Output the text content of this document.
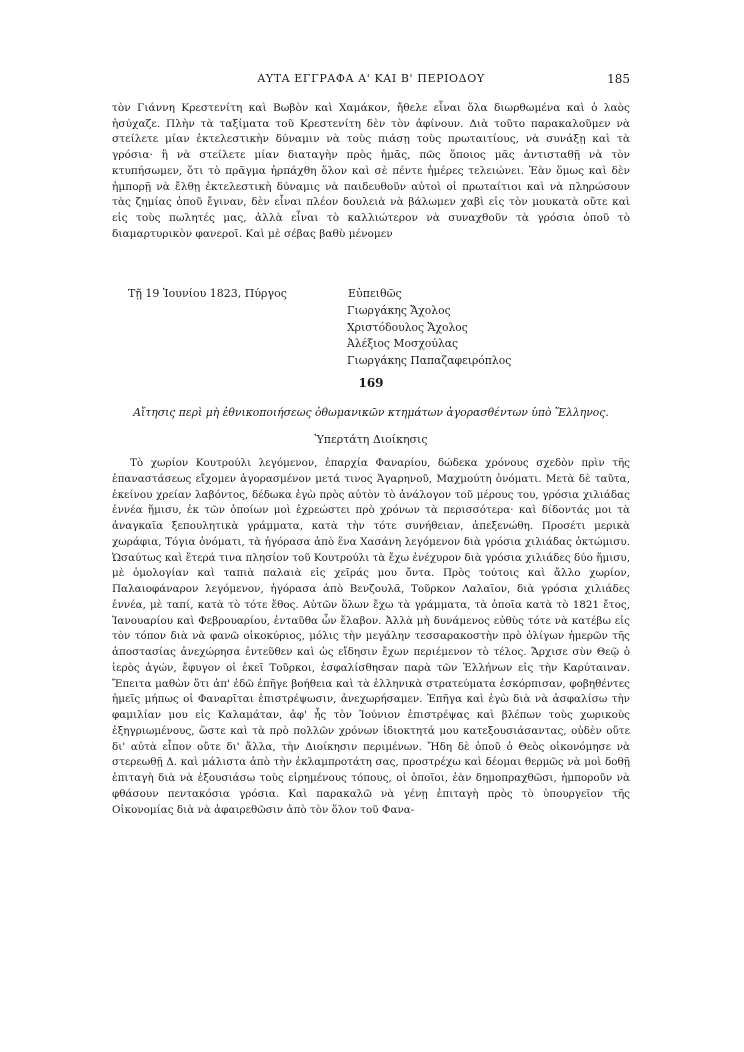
ΑΥΤΑ ΕΓΓΡΑΦΑ Α' ΚΑΙ Β' ΠΕΡΙΟΔΟΥ	185
τὸν Γιάννη Κρεστενίτη καὶ Βωβὸν καὶ Χαμάκον, ἤθελε εἶναι ὅλα διωρθωμένα καὶ ὁ λαὸς ἡσύχαζε. Πλὴν τὰ ταξίματα τοῦ Κρεστενίτη δὲν τὸν ἀφίνουν. Διὰ τοῦτο παρακαλοῦμεν νὰ στείλετε μίαν ἐκτελεστικὴν δύναμιν νὰ τοὺς πιάσῃ τοὺς πρωταιτίους, νὰ συνάξῃ καὶ τὰ γρόσια· ἢ νὰ στείλετε μίαν διαταγὴν πρὸς ἡμᾶς, πῶς ὅποιος μᾶς ἀντισταθῇ νὰ τὸν κτυπήσωμεν, ὅτι τὸ πρᾶγμα ἠρπάχθη ὅλον καὶ σὲ πέντε ἡμέρες τελειώνει. Ἐὰν ὅμως καὶ δὲν ἠμπορῇ νὰ ἔλθῃ ἐκτελεστικὴ δύναμις νὰ παιδευθοῦν αὐτοὶ οἱ πρωταίτιοι καὶ νὰ πληρώσουν τὰς ζημίας ὁποῦ ἔγιναν, δὲν εἶναι πλέον δουλειὰ νὰ βάλωμεν χαβὶ εἰς τὸν μουκατὰ οὔτε καὶ εἰς τοὺς πωλητές μας, ἀλλὰ εἶναι τὸ καλλιώτερον νὰ συναχθοῦν τὰ γρόσια ὁποῦ τὸ διαμαρτυρικὸν φανεροῖ. Καὶ μὲ σέβας βαθὺ μένομεν
Τῇ 19 Ἰουνίου 1823, Πύργος	Εὐπειθῶς
Γιωργάκης Ἄχολος
Χριστόδουλος Ἄχολος
Ἀλέξιος Μοσχούλας
Γιωργάκης Παπαζαφειρόπλος
169
Αἴτησις περὶ μὴ ἐθνικοποιήσεως ὀθωμανικῶν κτημάτων ἀγορασθέντων ὑπὸ Ἕλληνος.
Ὑπερτάτη Διοίκησις
Τὸ χωρίον Κουτρούλι λεγόμενον, ἐπαρχία Φαναρίου, δώδεκα χρόνους σχεδὸν πρὶν τῆς ἐπαναστάσεως εἴχομεν ἀγορασμένον μετά τινος Ἀγαρηνοῦ, Μαχμούτη ὀνόματι. Μετὰ δὲ ταῦτα, ἐκείνου χρείαν λαβόντος, δέδωκα ἐγὼ πρὸς αὐτὸν τὸ ἀνάλογον τοῦ μέρους του, γρόσια χιλιάδας ἐννέα ἥμισυ, ἐκ τῶν ὁποίων μοὶ ἐχρεώστει πρὸ χρόνων τὰ περισσότερα· καὶ δίδοντάς μοι τὰ ἀναγκαῖα ξεπουλητικὰ γράμματα, κατὰ τὴν τότε συνήθειαν, ἀπεξενώθη. Προσέτι μερικὰ χωράφια, Τόγια ὀνόματι, τὰ ἠγόρασα ἀπὸ ἕνα Χασάνη λεγόμενον διὰ γρόσια χιλιάδας ὀκτώμισυ. Ὡσαύτως καὶ ἕτερά τινα πλησίον τοῦ Κουτρούλι τὰ ἔχω ἐνέχυρον διὰ γρόσια χιλιάδες δύο ἥμισυ, μὲ ὁμολογίαν καὶ ταπιὰ παλαιὰ εἰς χεῖράς μου ὄντα. Πρὸς τούτοις καὶ ἄλλο χωρίον, Παλαιοφάναρον λεγόμενον, ἠγόρασα ἀπὸ Βενζουλᾶ, Τοῦρκον Λαλαῖον, διὰ γρόσια χιλιάδες ἐννέα, μὲ ταπί, κατὰ τὸ τότε ἔθος. Αὐτῶν ὅλων ἔχω τὰ γράμματα, τὰ ὁποῖα κατὰ τὸ 1821 ἔτος, Ἰανουαρίου καὶ Φεβρουαρίου, ἐνταῦθα ὦν ἔλαβον. Ἀλλὰ μὴ δυνάμενος εὐθὺς τότε νὰ κατέβω εἰς τὸν τόπον διὰ νὰ φανῶ οἰκοκύριος, μόλις τὴν μεγάλην τεσσαρακοστὴν πρὸ ὀλίγων ἡμερῶν τῆς ἀποστασίας ἀνεχώρησα ἐντεῦθεν καὶ ὡς εἴδησιν ἔχων περιέμενον τὸ τέλος. Ἄρχισε σὺν Θεῷ ὁ ἱερὸς ἀγών, ἔφυγον οἱ ἐκεῖ Τοῦρκοι, ἐσφαλίσθησαν παρὰ τῶν Ἑλλήνων εἰς τὴν Καρύταιναν. Ἔπειτα μαθὼν ὅτι ἀπ' ἐδῶ ἐπῆγε βοήθεια καὶ τὰ ἑλληνικὰ στρατεύματα ἐσκόρπισαν, φοβηθέντες ἡμεῖς μήπως οἱ Φαναρῖται ἐπιστρέψωσιν, ἀνεχωρήσαμεν. Ἐπῆγα καὶ ἐγὼ διὰ νὰ ἀσφαλίσω τὴν φαμιλίαν μου εἰς Καλαμάταν, ἀφ' ἧς τὸν Ἰούνιον ἐπιστρέψας καὶ βλέπων τοὺς χωρικοὺς ἐξηγριωμένους, ὥστε καὶ τὰ πρὸ πολλῶν χρόνων ἰδιοκτητά μου κατεξουσιάσαντας, οὐδὲν οὔτε δι' αὐτὰ εἶπον οὔτε δι' ἄλλα, τὴν Διοίκησιν περιμένων. Ἤδη δὲ ὁποῦ ὁ Θεὸς οἰκονόμησε νὰ στερεωθῇ Δ. καὶ μάλιστα ἀπὸ τὴν ἐκλαμπροτάτη σας, προστρέχω καὶ δέομαι θερμῶς νὰ μοὶ δοθῇ ἐπιταγὴ διὰ νὰ ἐξουσιάσω τοὺς εἰρημένους τόπους, οἱ ὁποῖοι, ἐὰν δημοπραχθῶσι, ἠμποροῦν νὰ φθάσουν πεντακόσια γρόσια. Καὶ παρακαλῶ νὰ γένῃ ἐπιταγὴ πρὸς τὸ ὑπουργεῖον τῆς Οἰκονομίας διὰ νὰ ἀφαιρεθῶσιν ἀπὸ τὸν ὅλον τοῦ Φανα-
